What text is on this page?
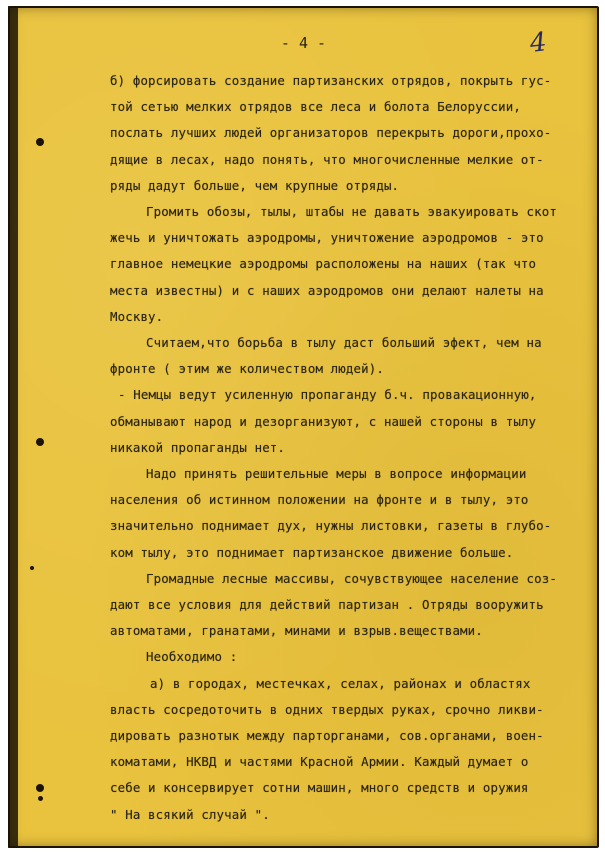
- 4 -	4
б) форсировать создание партизанских отрядов, покрыть гус-
той сетью мелких отрядов все леса и болота Белоруссии,
послать лучших людей организаторов перекрыть дороги,прохо-
дящие в лесах, надо понять, что многочисленные мелкие от-
ряды дадут больше, чем крупные отряды.
Громить обозы, тылы, штабы не давать эвакуировать скот
жечь и уничтожать аэродромы, уничтожение аэродромов - это
главное немецкие аэродромы расположены на наших (так что
места известны) и с наших аэродромов они делают налеты на
Москву.
Считаем,что борьба в тылу даст больший эфект, чем на
фронте ( этим же количеством людей).
- Немцы ведут усиленную пропаганду б.ч. провакационную,
обманывают народ и дезорганизуют, с нашей стороны в тылу
никакой пропаганды нет.
Надо принять решительные меры в вопросе информации
населения об истинном положении на фронте и в тылу, это
значительно поднимает дух, нужны листовки, газеты в глубо-
ком тылу, это поднимает партизанское движение больше.
Громадные лесные массивы, сочувствующее население соз-
дают все условия для действий партизан . Отряды вооружить
автоматами, гранатами, минами и взрыв.веществами.
Необходимо :
а) в городах, местечках, селах, районах и областях
власть сосредоточить в одних твердых руках, срочно ликви-
дировать разнотык между парторганами, сов.органами, воен-
коматами, НКВД и частями Красной Армии. Каждый думает о
себе и консервирует сотни машин, много средств и оружия
" На всякий случай ".
